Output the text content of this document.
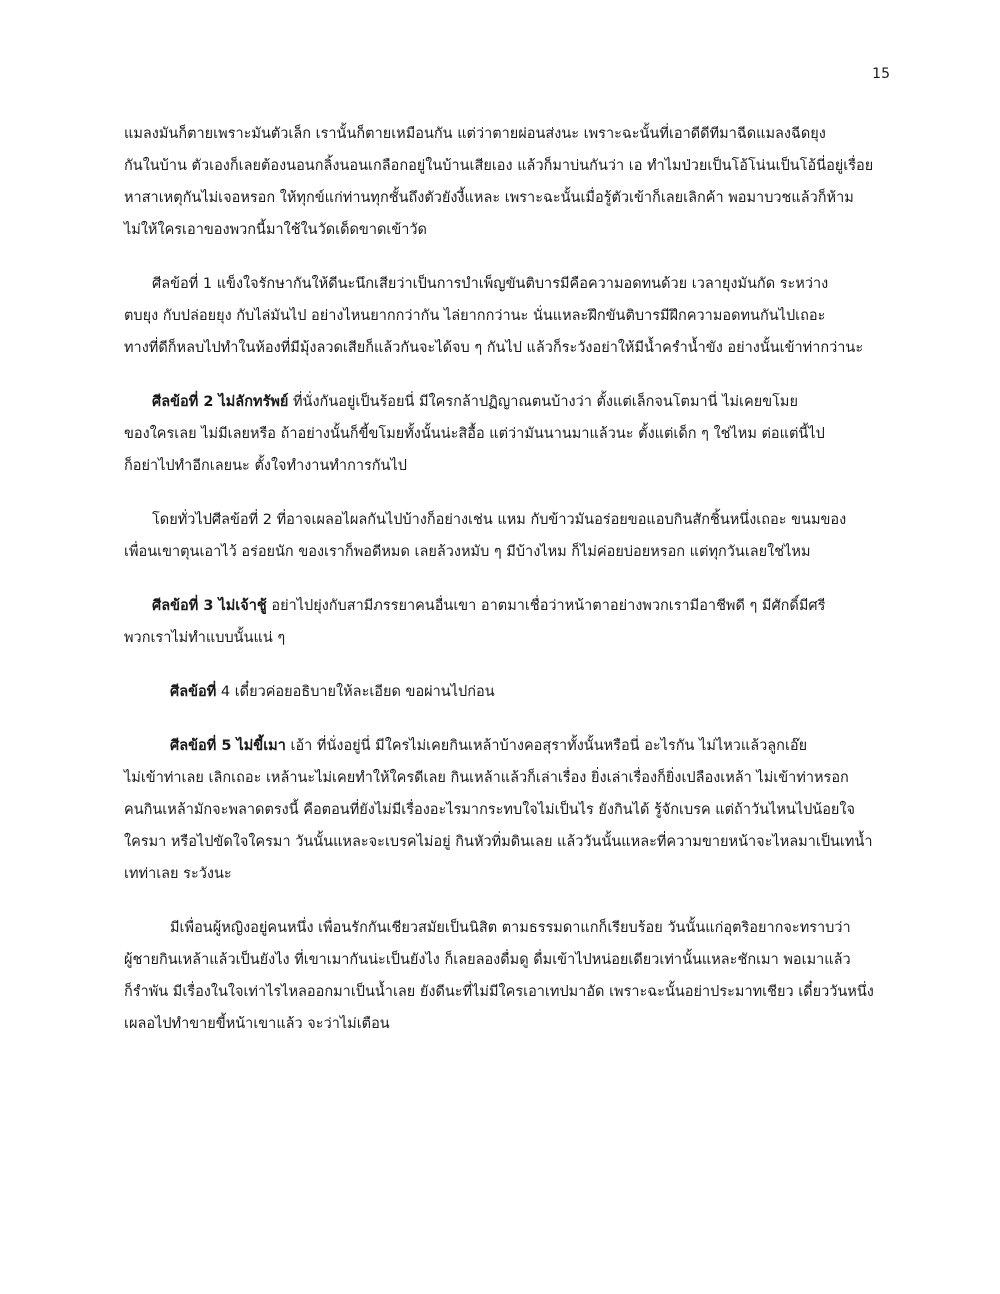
15

แมลงมันก็ตายเพราะมันตัวเล็ก เรานั้นก็ตายเหมือนกัน แต่ว่าตายผ่อนส่งนะ เพราะฉะนั้นที่เอาดีดีทีมาฉีดแมลงฉีดยุง
กันในบ้าน ตัวเองก็เลยต้องนอนกลิ้งนอนเกลือกอยู่ในบ้านเสียเอง แล้วก็มาบ่นกันว่า เอ ทำไมป่วยเป็นโอ้โน่นเป็นโอ้นี่อยู่เรื่อย
หาสาเหตุกันไม่เจอหรอก ให้ทุกข์แก่ท่านทุกชั้นถึงตัวยังงี้แหละ เพราะฉะนั้นเมื่อรู้ตัวเข้าก็เลยเลิกค้า พอมาบวชแล้วก็ห้าม
ไม่ให้ใครเอาของพวกนี้มาใช้ในวัดเด็ดขาดเข้าวัด

ศีลข้อที่ 1 แข็งใจรักษากันให้ดีนะนึกเสียว่าเป็นการบำเพ็ญขันติบารมีคือความอดทนด้วย เวลายุงมันกัด ระหว่าง
ตบยุง กับปล่อยยุง กับไล่มันไป อย่างไหนยากกว่ากัน ไล่ยากกว่านะ นั่นแหละฝึกขันติบารมีฝึกความอดทนกันไปเถอะ
ทางที่ดีก็หลบไปทำในห้องที่มีมุ้งลวดเสียก็แล้วกันจะได้จบ ๆ กันไป แล้วก็ระวังอย่าให้มีน้ำครำน้ำขัง อย่างนั้นเข้าท่ากว่านะ

ศีลข้อที่ 2 ไม่ลักทรัพย์ ที่นั่งกันอยู่เป็นร้อยนี่ มีใครกล้าปฏิญาณตนบ้างว่า ตั้งแต่เล็กจนโตมานี่ ไม่เคยขโมย
ของใครเลย ไม่มีเลยหรือ ถ้าอย่างนั้นก็ขี้ขโมยทั้งนั้นน่ะสิอื้อ แต่ว่ามันนานมาแล้วนะ ตั้งแต่เด็ก ๆ ใช่ไหม ต่อแต่นี้ไป
ก็อย่าไปทำอีกเลยนะ ตั้งใจทำงานทำการกันไป

โดยทั่วไปศีลข้อที่ 2 ที่อาจเผลอไผลกันไปบ้างก็อย่างเช่น แหม กับข้าวมันอร่อยขอแอบกินสักชิ้นหนึ่งเถอะ ขนมของ
เพื่อนเขาตุนเอาไว้ อร่อยนัก ของเราก็พอดีหมด เลยล้วงหมับ ๆ มีบ้างไหม ก็ไม่ค่อยบ่อยหรอก แต่ทุกวันเลยใช่ไหม

ศีลข้อที่ 3 ไม่เจ้าชู้ อย่าไปยุ่งกับสามีภรรยาคนอื่นเขา อาตมาเชื่อว่าหน้าตาอย่างพวกเรามีอาชีพดี ๆ มีศักดิ์มีศรี
พวกเราไม่ทำแบบนั้นแน่ ๆ

ศีลข้อที่ 4 เดี๋ยวค่อยอธิบายให้ละเอียด ขอผ่านไปก่อน

ศีลข้อที่ 5 ไม่ขี้เมา เอ้า ที่นั่งอยู่นี่ มีใครไม่เคยกินเหล้าบ้างคอสุราทั้งนั้นหรือนี่ อะไรกัน ไม่ไหวแล้วลูกเอ๊ย
ไม่เข้าท่าเลย เลิกเถอะ เหล้านะไม่เคยทำให้ใครดีเลย กินเหล้าแล้วก็เล่าเรื่อง ยิ่งเล่าเรื่องก็ยิ่งเปลืองเหล้า ไม่เข้าท่าหรอก
คนกินเหล้ามักจะพลาดตรงนี้ คือตอนที่ยังไม่มีเรื่องอะไรมากระทบใจไม่เป็นไร ยังกินได้ รู้จักเบรค แต่ถ้าวันไหนไปน้อยใจ
ใครมา หรือไปขัดใจใครมา วันนั้นแหละจะเบรคไม่อยู่ กินหัวทิ่มดินเลย แล้ววันนั้นแหละที่ความขายหน้าจะไหลมาเป็นเทน้ำ
เทท่าเลย ระวังนะ

มีเพื่อนผู้หญิงอยู่คนหนึ่ง เพื่อนรักกันเชียวสมัยเป็นนิสิต ตามธรรมดาแกก็เรียบร้อย วันนั้นแก่อุตริอยากจะทราบว่า
ผู้ชายกินเหล้าแล้วเป็นยังไง ที่เขาเมากันน่ะเป็นยังไง ก็เลยลองดื่มดู ดื่มเข้าไปหน่อยเดียวเท่านั้นแหละชักเมา พอเมาแล้ว
ก็รำพัน มีเรื่องในใจเท่าไรไหลออกมาเป็นน้ำเลย ยังดีนะที่ไม่มีใครเอาเทปมาอัด เพราะฉะนั้นอย่าประมาทเชียว เดี๋ยววันหนึ่ง
เผลอไปทำขายขี้หน้าเขาแล้ว จะว่าไม่เตือน
